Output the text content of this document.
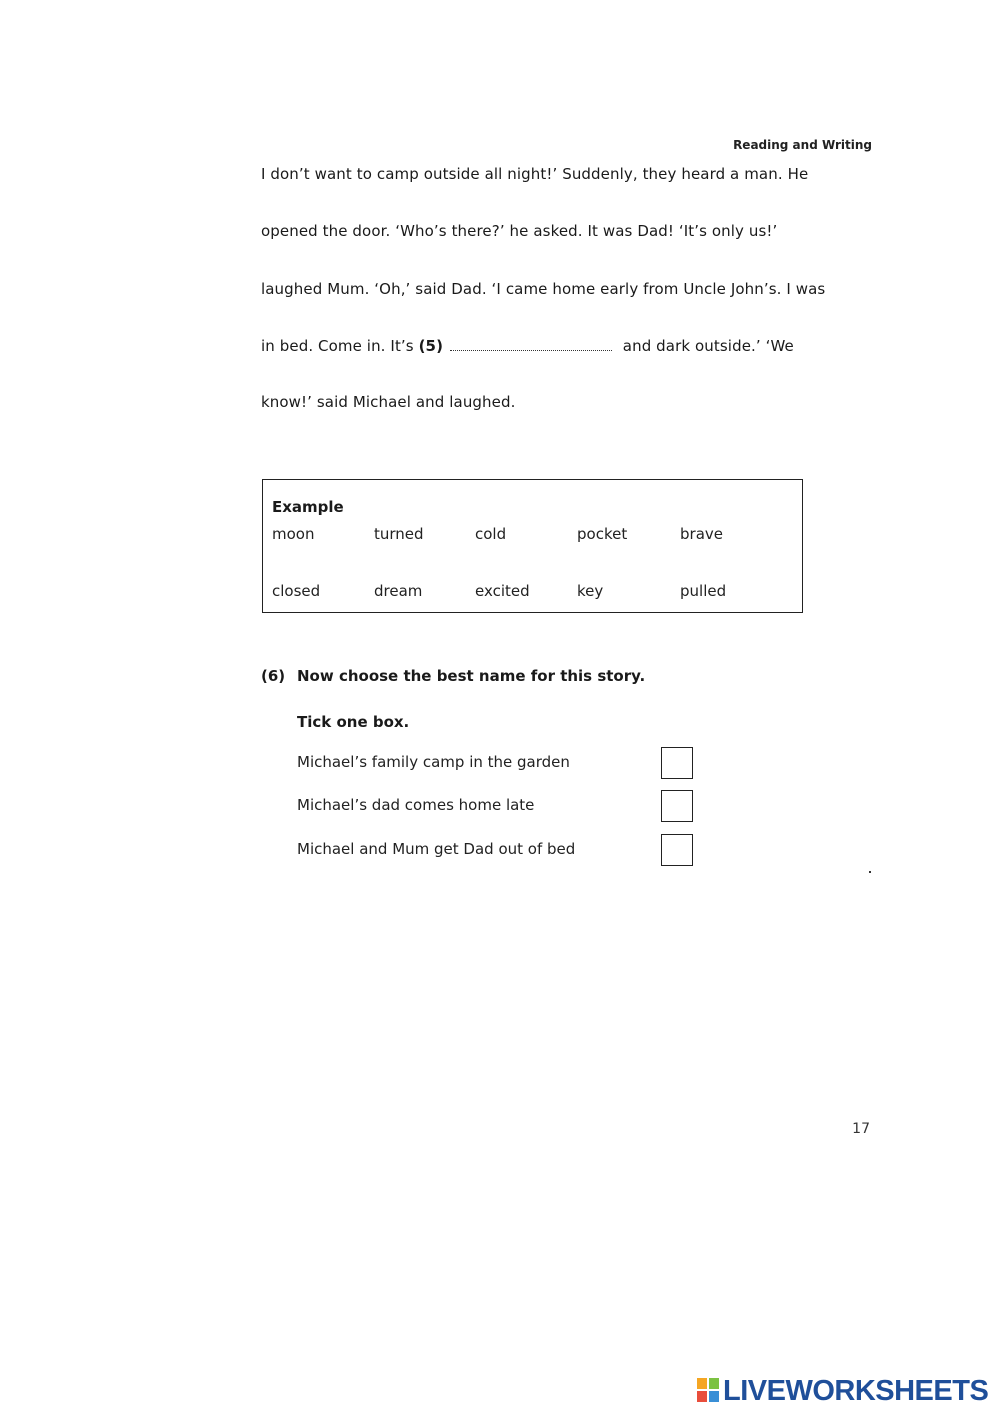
Reading and Writing
I don’t want to camp outside all night!’ Suddenly, they heard a man. He
opened the door. ‘Who’s there?’ he asked. It was Dad! ‘It’s only us!’
laughed Mum. ‘Oh,’ said Dad. ‘I came home early from Uncle John’s. I was
in bed. Come in. It’s (5)	and dark outside.’ ‘We
know!’ said Michael and laughed.
Example
moon	turned	cold	pocket	brave
closed	dream	excited	key	pulled
(6) Now choose the best name for this story.
Tick one box.
Michael’s family camp in the garden
Michael’s dad comes home late
Michael and Mum get Dad out of bed
17
LIVEWORKSHEETS
